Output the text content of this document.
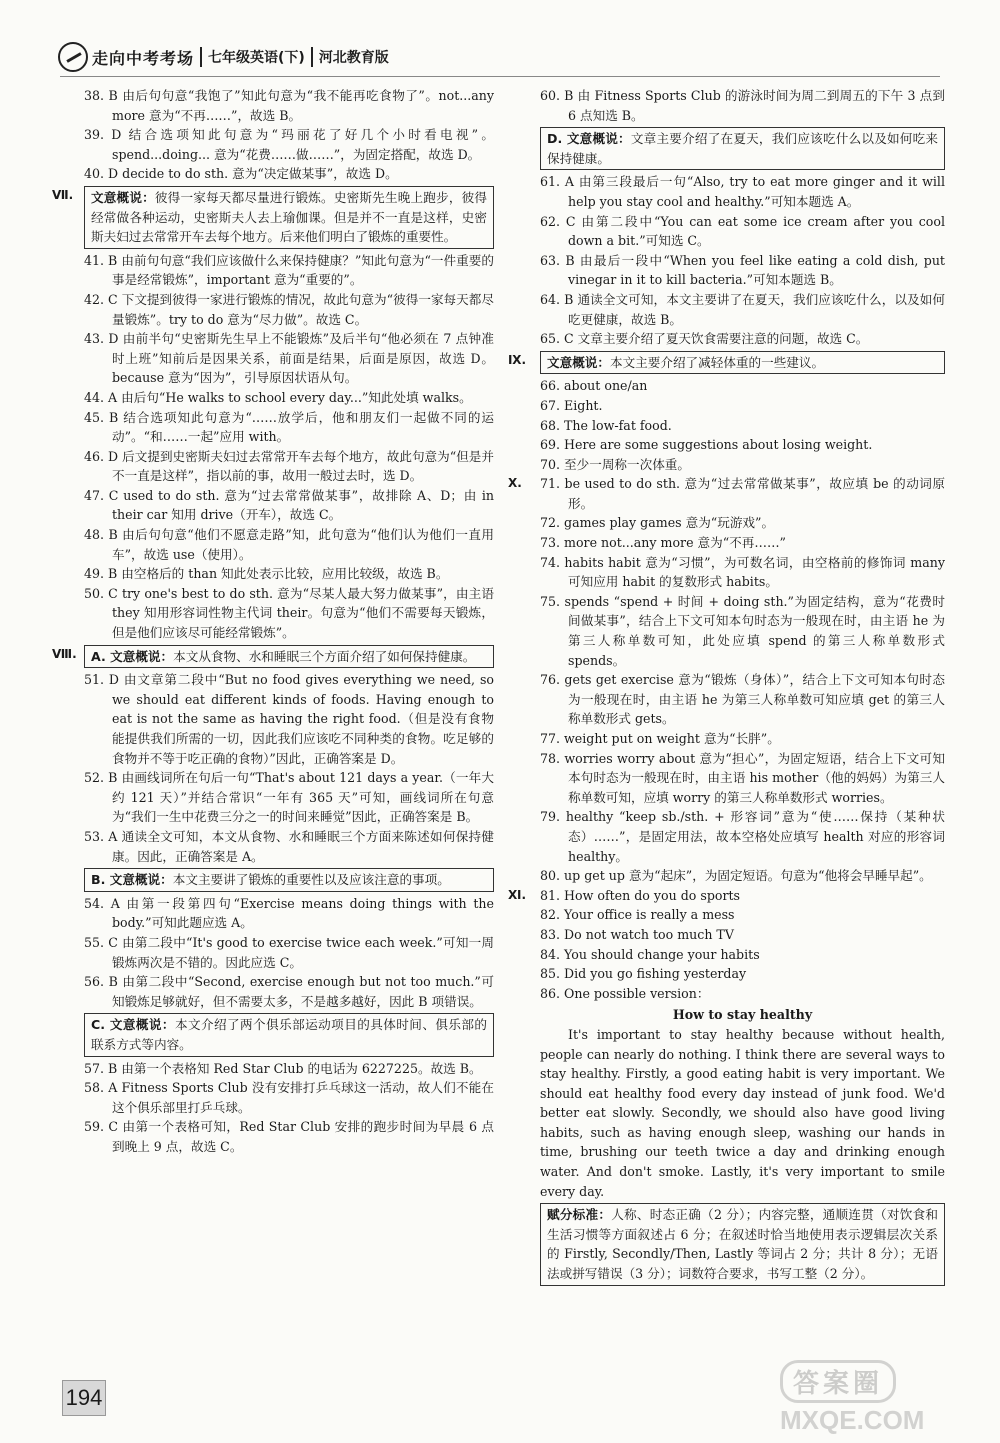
走向中考考场 七年级英语(下) 河北教育版
38. B 由后句句意“我饱了”知此句意为“我不能再吃食物了”。not...any more 意为“不再……”，故选 B。
39. D 结合选项知此句意为“玛丽花了好几个小时看电视”。spend...doing... 意为“花费……做……”，为固定搭配，故选 D。
40. D decide to do sth. 意为“决定做某事”，故选 D。
Ⅶ.	文意概说：彼得一家每天都尽量进行锻炼。史密斯先生晚上跑步，彼得经常做各种运动，史密斯夫人去上瑜伽课。但是并不一直是这样，史密斯夫妇过去常常开车去每个地方。后来他们明白了锻炼的重要性。
41. B 由前句句意“我们应该做什么来保持健康？”知此句意为“一件重要的事是经常锻炼”，important 意为“重要的”。
42. C 下文提到彼得一家进行锻炼的情况，故此句意为“彼得一家每天都尽量锻炼”。try to do 意为“尽力做”。故选 C。
43. D 由前半句“史密斯先生早上不能锻炼”及后半句“他必须在 7 点钟准时上班”知前后是因果关系，前面是结果，后面是原因，故选 D。because 意为“因为”，引导原因状语从句。
44. A 由后句“He walks to school every day...”知此处填 walks。
45. B 结合选项知此句意为“……放学后，他和朋友们一起做不同的运动”。“和……一起”应用 with。
46. D 后文提到史密斯夫妇过去常常开车去每个地方，故此句意为“但是并不一直是这样”，指以前的事，故用一般过去时，选 D。
47. C used to do sth. 意为“过去常常做某事”，故排除 A、D；由 in their car 知用 drive（开车），故选 C。
48. B 由后句句意“他们不愿意走路”知，此句意为“他们认为他们一直用车”，故选 use（使用）。
49. B 由空格后的 than 知此处表示比较，应用比较级，故选 B。
50. C try one's best to do sth. 意为“尽某人最大努力做某事”，由主语 they 知用形容词性物主代词 their。句意为“他们不需要每天锻炼，但是他们应该尽可能经常锻炼”。
Ⅷ.	A. 文意概说：本文从食物、水和睡眠三个方面介绍了如何保持健康。
51. D 由文章第二段中“But no food gives everything we need, so we should eat different kinds of foods. Having enough to eat is not the same as having the right food.（但是没有食物能提供我们所需的一切，因此我们应该吃不同种类的食物。吃足够的食物并不等于吃正确的食物）”因此，正确答案是 D。
52. B 由画线词所在句后一句“That's about 121 days a year.（一年大约 121 天）”并结合常识“一年有 365 天”可知，画线词所在句意为“我们一生中花费三分之一的时间来睡觉”因此，正确答案是 B。
53. A 通读全文可知，本文从食物、水和睡眠三个方面来陈述如何保持健康。因此，正确答案是 A。
B. 文意概说：本文主要讲了锻炼的重要性以及应该注意的事项。
54. A 由第一段第四句“Exercise means doing things with the body.”可知此题应选 A。
55. C 由第二段中“It's good to exercise twice each week.”可知一周锻炼两次是不错的。因此应选 C。
56. B 由第二段中“Second, exercise enough but not too much.”可知锻炼足够就好，但不需要太多，不是越多越好，因此 B 项错误。
C. 文意概说：本文介绍了两个俱乐部运动项目的具体时间、俱乐部的联系方式等内容。
57. B 由第一个表格知 Red Star Club 的电话为 6227225。故选 B。
58. A Fitness Sports Club 没有安排打乒乓球这一活动，故人们不能在这个俱乐部里打乒乓球。
59. C 由第一个表格可知，Red Star Club 安排的跑步时间为早晨 6 点到晚上 9 点，故选 C。
60. B 由 Fitness Sports Club 的游泳时间为周二到周五的下午 3 点到 6 点知选 B。
D. 文意概说：文章主要介绍了在夏天，我们应该吃什么以及如何吃来保持健康。
61. A 由第三段最后一句“Also, try to eat more ginger and it will help you stay cool and healthy.”可知本题选 A。
62. C 由第二段中“You can eat some ice cream after you cool down a bit.”可知选 C。
63. B 由最后一段中“When you feel like eating a cold dish, put vinegar in it to kill bacteria.”可知本题选 B。
64. B 通读全文可知，本文主要讲了在夏天，我们应该吃什么，以及如何吃更健康，故选 B。
65. C 文章主要介绍了夏天饮食需要注意的问题，故选 C。
Ⅸ.	文意概说：本文主要介绍了减轻体重的一些建议。
66. about one/an
67. Eight.
68. The low-fat food.
69. Here are some suggestions about losing weight.
70. 至少一周称一次体重。
Ⅹ. 71. be used to do sth. 意为“过去常常做某事”，故应填 be 的动词原形。
72. games play games 意为“玩游戏”。
73. more not...any more 意为“不再……”
74. habits habit 意为“习惯”，为可数名词，由空格前的修饰词 many 可知应用 habit 的复数形式 habits。
75. spends “spend + 时间 + doing sth.”为固定结构，意为“花费时间做某事”，结合上下文可知本句时态为一般现在时，由主语 he 为第三人称单数可知，此处应填 spend 的第三人称单数形式 spends。
76. gets get exercise 意为“锻炼（身体）”，结合上下文可知本句时态为一般现在时，由主语 he 为第三人称单数可知应填 get 的第三人称单数形式 gets。
77. weight put on weight 意为“长胖”。
78. worries worry about 意为“担心”，为固定短语，结合上下文可知本句时态为一般现在时，由主语 his mother（他的妈妈）为第三人称单数可知，应填 worry 的第三人称单数形式 worries。
79. healthy “keep sb./sth. + 形容词”意为“使……保持（某种状态）……”，是固定用法，故本空格处应填写 health 对应的形容词 healthy。
80. up get up 意为“起床”，为固定短语。句意为“他将会早睡早起”。
Ⅺ. 81. How often do you do sports
82. Your office is really a mess
83. Do not watch too much TV
84. You should change your habits
85. Did you go fishing yesterday
86. One possible version：
How to stay healthy
It's important to stay healthy because without health, people can nearly do nothing. I think there are several ways to stay healthy. Firstly, a good eating habit is very important. We should eat healthy food every day instead of junk food. We'd better eat slowly. Secondly, we should also have good living habits, such as having enough sleep, washing our hands in time, brushing our teeth twice a day and drinking enough water. And don't smoke. Lastly, it's very important to smile every day.
赋分标准：人称、时态正确（2 分）；内容完整，通顺连贯（对饮食和生活习惯等方面叙述占 6 分；在叙述时恰当地使用表示逻辑层次关系的 Firstly, Secondly/Then, Lastly 等词占 2 分；共计 8 分）；无语法或拼写错误（3 分）；词数符合要求，书写工整（2 分）。
194	答案圈
MXQE.COM
